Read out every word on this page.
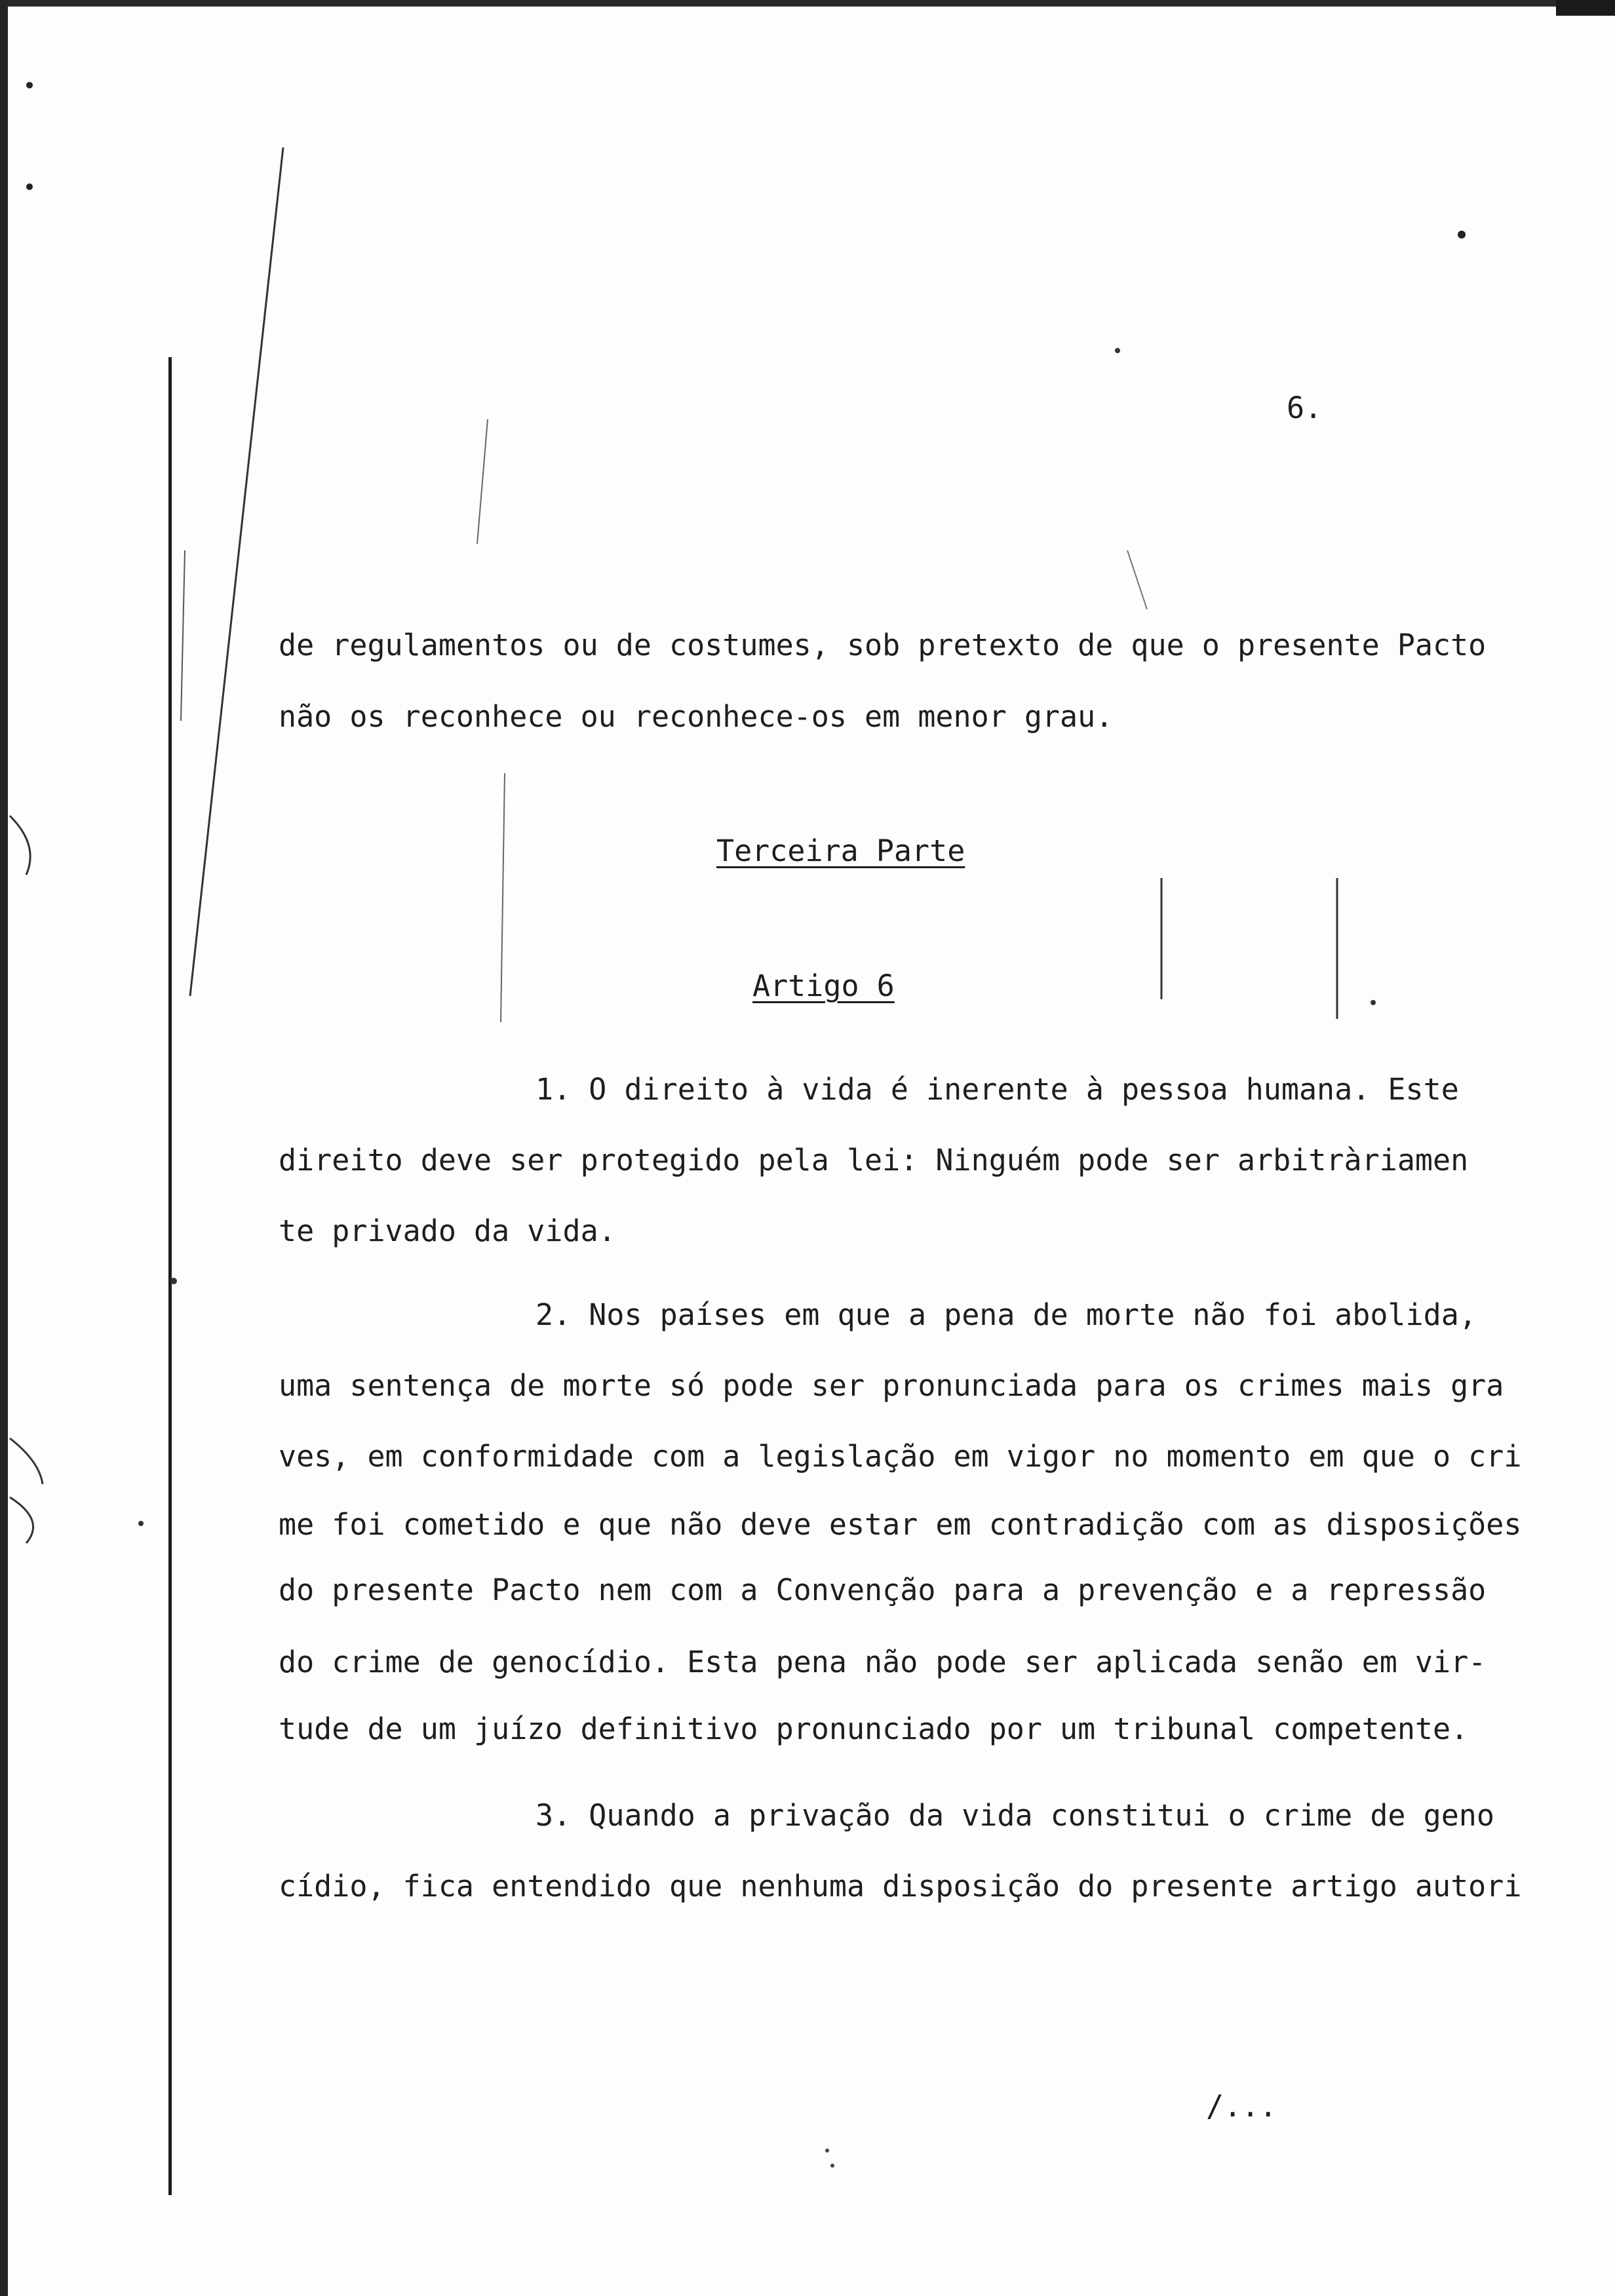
6.
de regulamentos ou de costumes, sob pretexto de que o presente Pacto
não os reconhece ou reconhece-os em menor grau.
Terceira Parte
Artigo 6
1. O direito à vida é inerente à pessoa humana. Este
direito deve ser protegido pela lei: Ninguém pode ser arbitràriamen
te privado da vida.
2. Nos países em que a pena de morte não foi abolida,
uma sentença de morte só pode ser pronunciada para os crimes mais gra
ves, em conformidade com a legislação em vigor no momento em que o cri
me foi cometido e que não deve estar em contradição com as disposições
do presente Pacto nem com a Convenção para a prevenção e a repressão
do crime de genocídio. Esta pena não pode ser aplicada senão em vir-
tude de um juízo definitivo pronunciado por um tribunal competente.
3. Quando a privação da vida constitui o crime de geno
cídio, fica entendido que nenhuma disposição do presente artigo autori
/...
